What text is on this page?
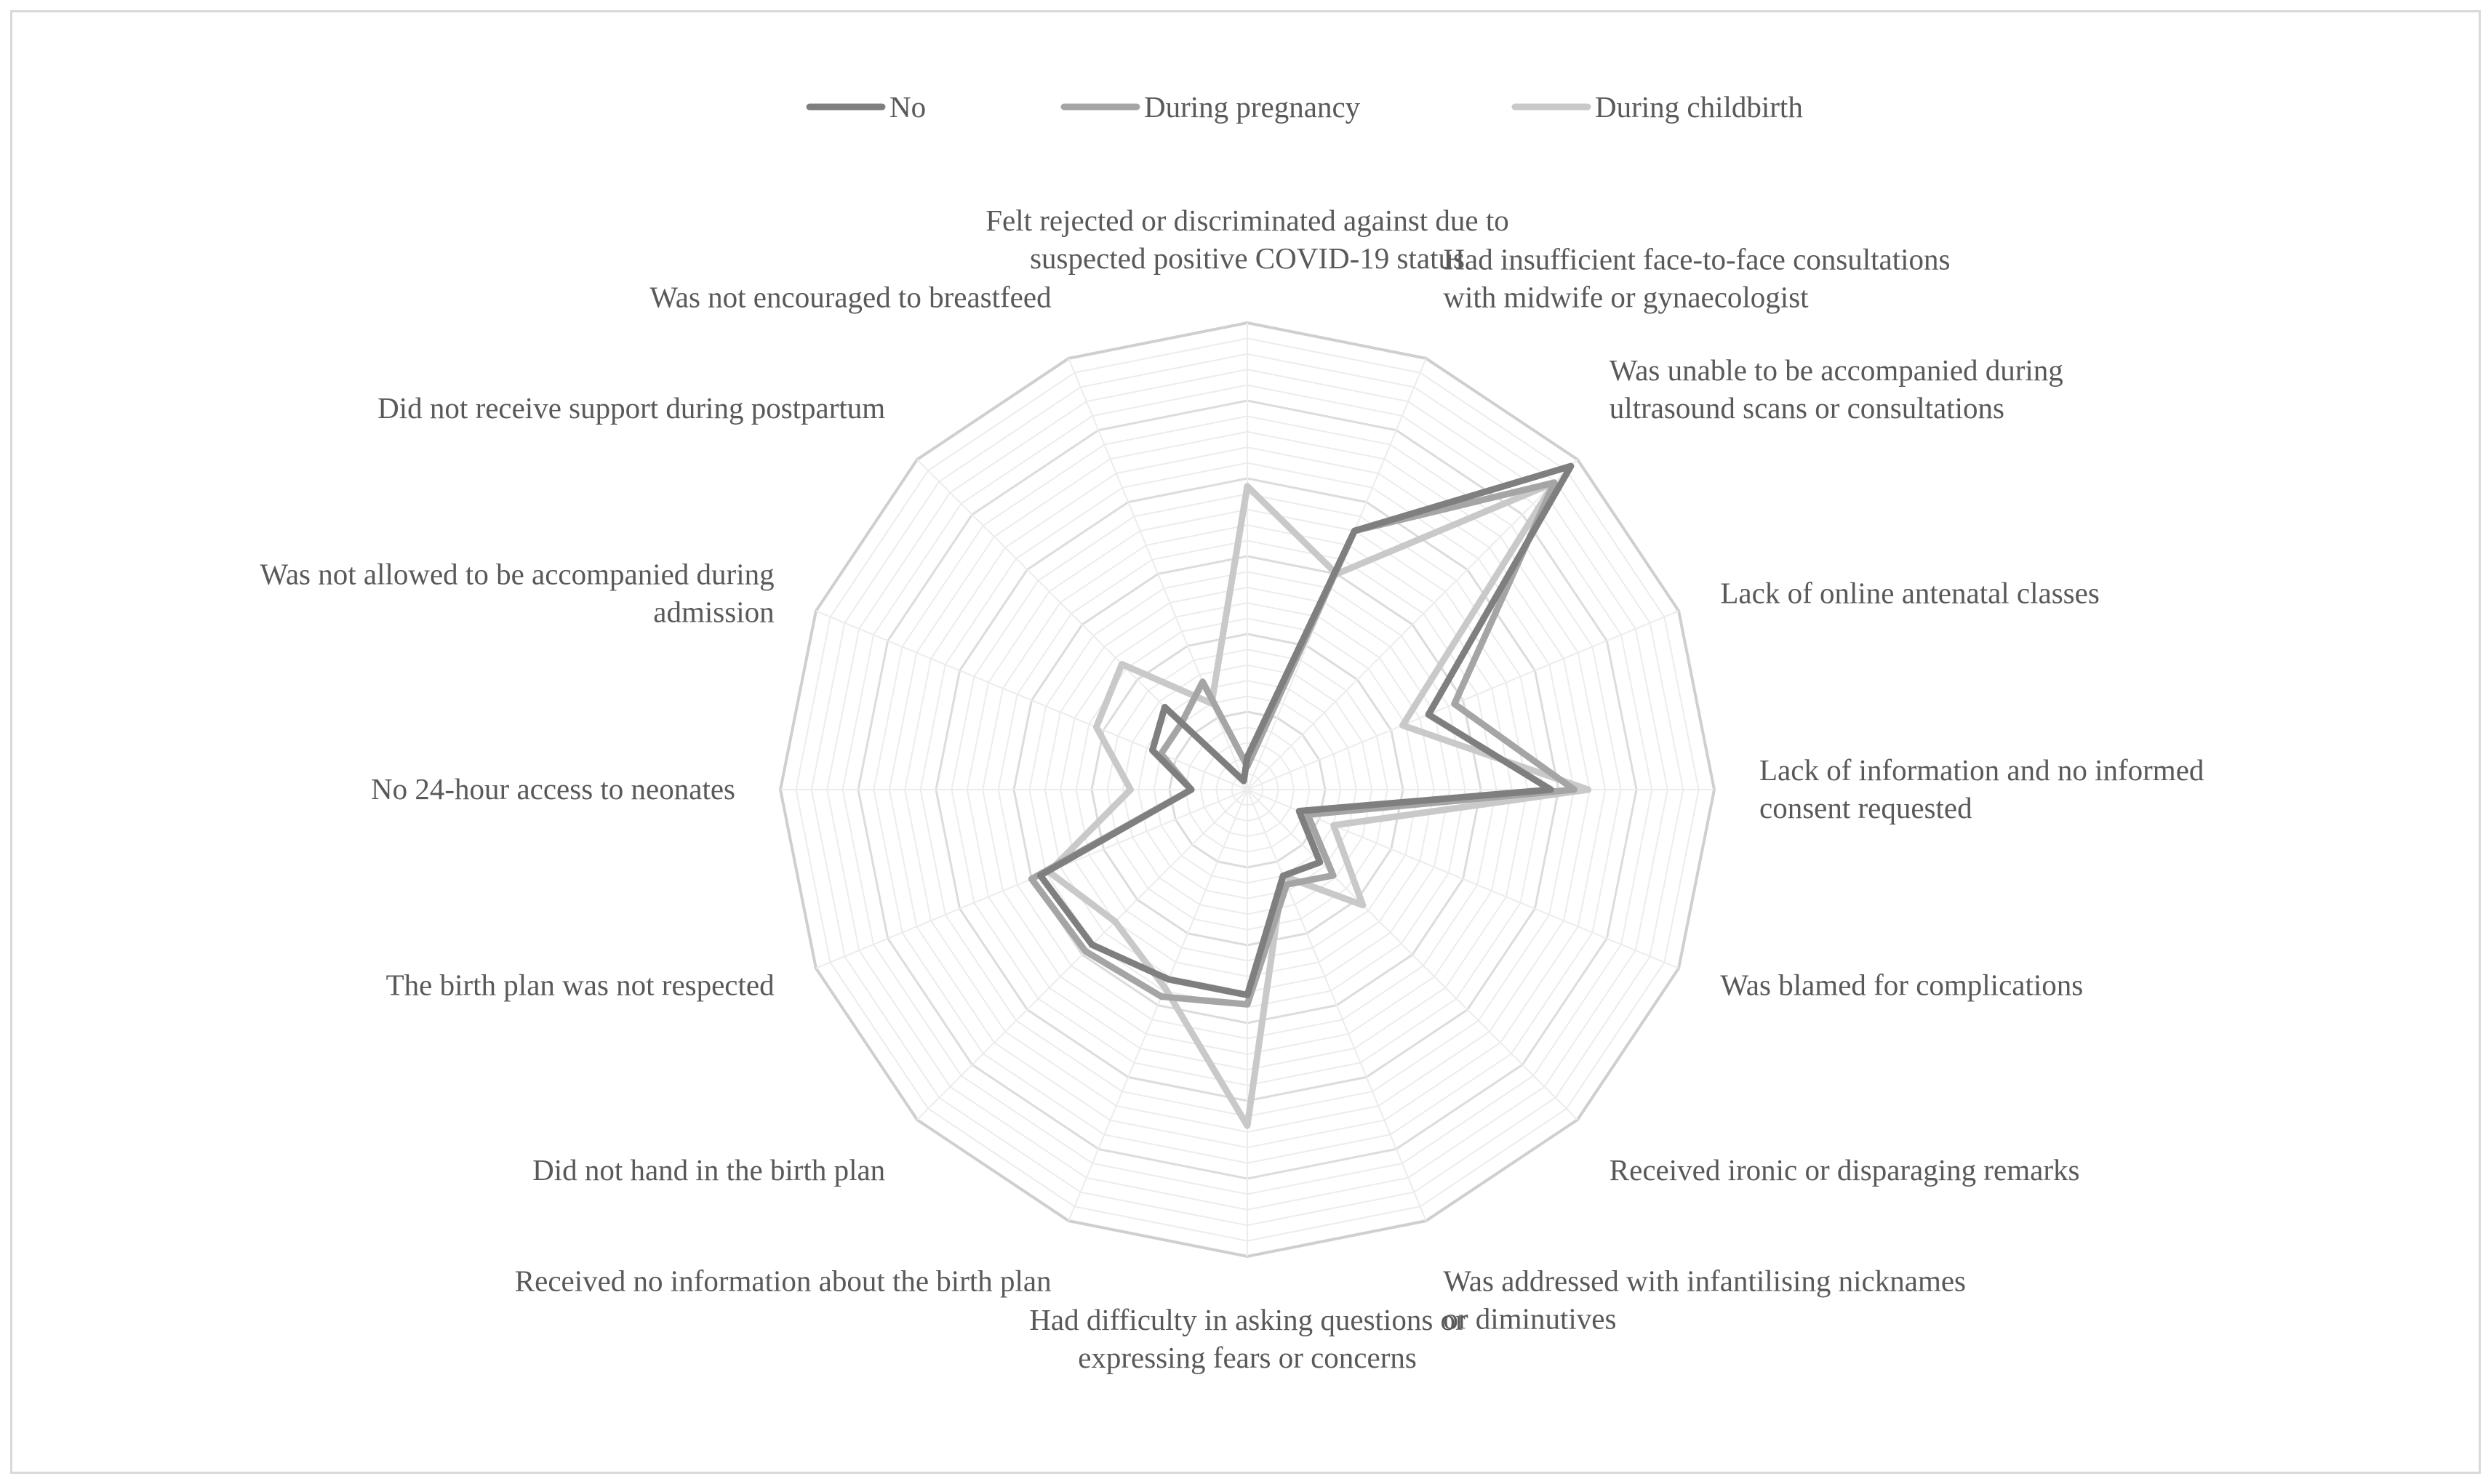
Felt rejected or discriminated against due to suspected positive COVID-19 status
Had insufficient face-to-face consultations with midwife or gynaecologist
Was unable to be accompanied during ultrasound scans or consultations
Lack of online antenatal classes
Lack of information and no informed consent requested
Was blamed for complications
Received ironic or disparaging remarks
Was addressed with infantilising nicknames or diminutives
Had difficulty in asking questions or expressing fears or concerns
Received no information about the birth plan
Did not hand in the birth plan
The birth plan was not respected
No 24-hour access to neonates
Was not allowed to be accompanied during admission
Did not receive support during postpartum
Was not encouraged to breastfeed
No	During pregnancy	During childbirth
